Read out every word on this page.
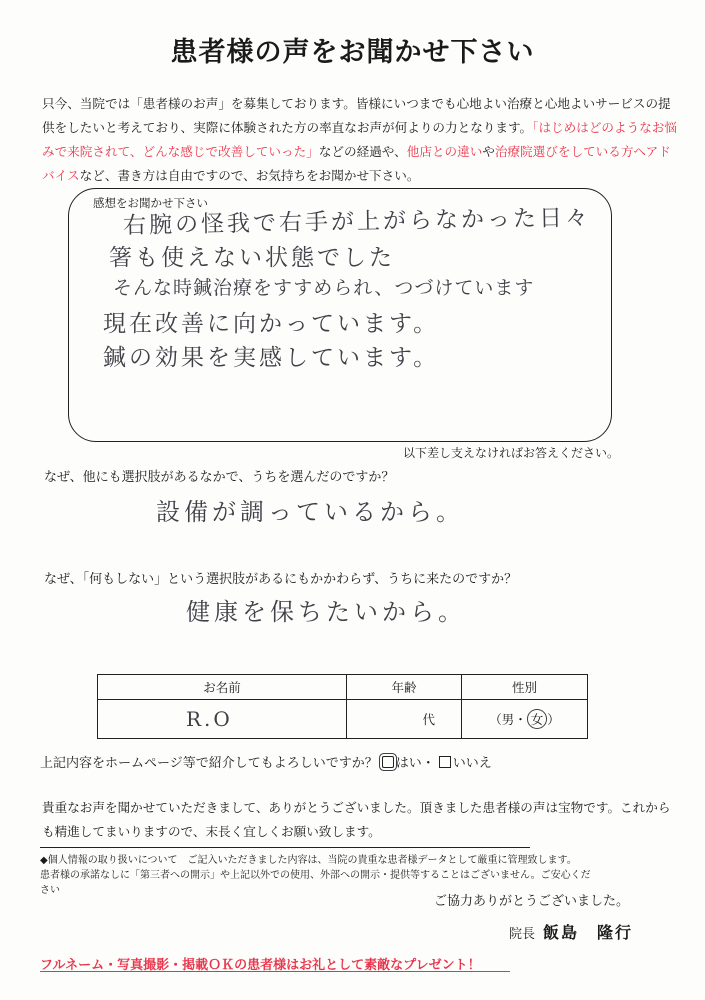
患者様の声をお聞かせ下さい
只今、当院では「患者様のお声」を募集しております。皆様にいつまでも心地よい治療と心地よいサービスの提供をしたいと考えており、実際に体験された方の率直なお声が何よりの力となります。「はじめはどのようなお悩みで来院されて、どんな感じで改善していった」などの経過や、他店との違いや治療院選びをしている方へアドバイスなど、書き方は自由ですので、お気持ちをお聞かせ下さい。
感想をお聞かせ下さい
右腕の怪我で右手が上がらなかった日々
箸も使えない状態でした
そんな時鍼治療をすすめられ、つづけています
現在改善に向かっています。
鍼の効果を実感しています。
以下差し支えなければお答えください。
なぜ、他にも選択肢があるなかで、うちを選んだのですか？
設備が調っているから。
なぜ、「何もしない」という選択肢があるにもかかわらず、うちに来たのですか？
健康を保ちたいから。
お名前	年齢	性別
R.O	代	（男・ 女 ）
上記内容をホームページ等で紹介してもよろしいですか？ はい・ いいえ
貴重なお声を聞かせていただきまして、ありがとうございました。頂きました患者様の声は宝物です。これからも精進してまいりますので、末長く宜しくお願い致します。
◆個人情報の取り扱いについて　ご記入いただきました内容は、当院の貴重な患者様データとして厳重に管理致します。
患者様の承諾なしに「第三者への開示」や上記以外での使用、外部への開示・提供等することはございません。ご安心ください
ご協力ありがとうございました。
院長 飯島　隆行
フルネーム・写真撮影・掲載ＯＫの患者様はお礼として素敵なプレゼント！
